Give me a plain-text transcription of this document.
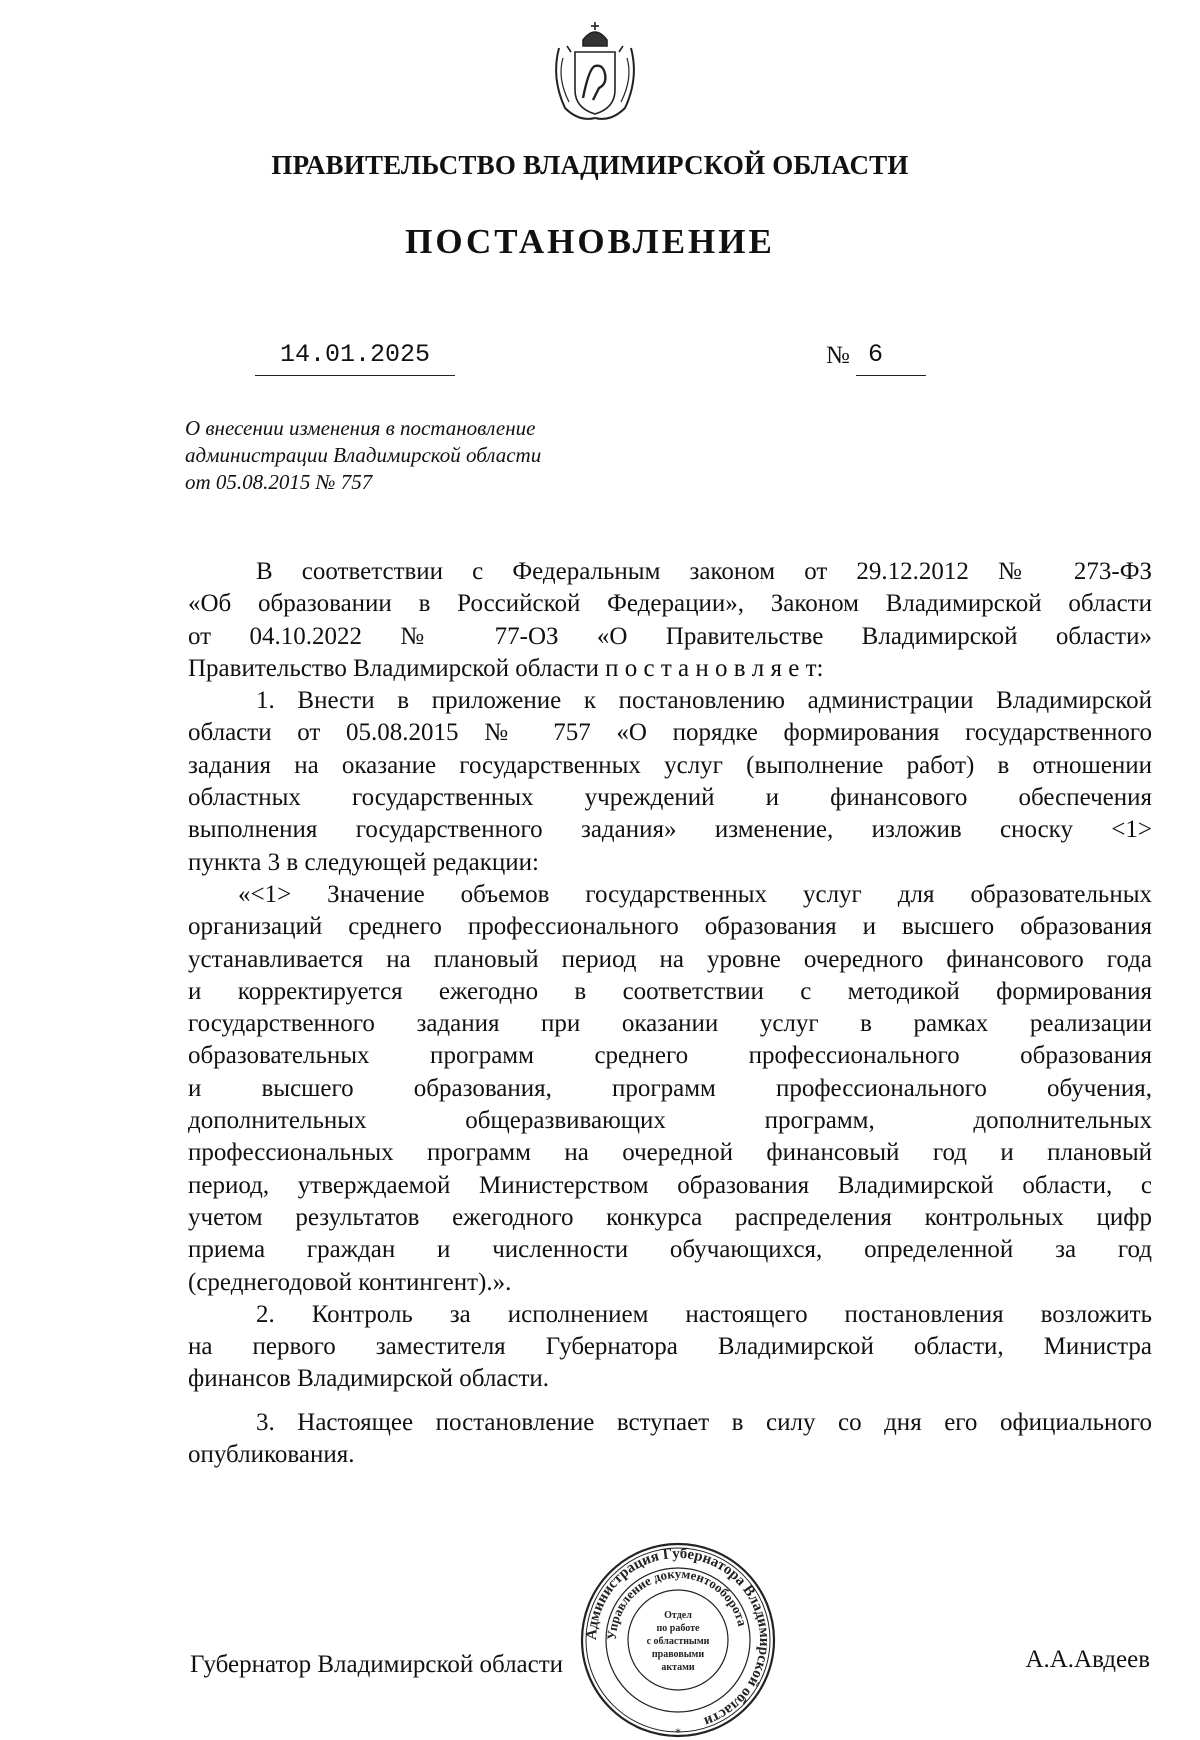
ПРАВИТЕЛЬСТВО ВЛАДИМИРСКОЙ ОБЛАСТИ
ПОСТАНОВЛЕНИЕ
14.01.2025	№ 6
О внесении изменения в постановление
администрации Владимирской области
от 05.08.2015 № 757
В соответствии с Федеральным законом от 29.12.2012 № 273-ФЗ
«Об образовании в Российской Федерации», Законом Владимирской области
от 04.10.2022 № 77-ОЗ «О Правительстве Владимирской области»
Правительство Владимирской области п о с т а н о в л я е т:
1. Внести в приложение к постановлению администрации Владимирской
области от 05.08.2015 № 757 «О порядке формирования государственного
задания на оказание государственных услуг (выполнение работ) в отношении
областных государственных учреждений и финансового обеспечения
выполнения государственного задания» изменение, изложив сноску <1>
пункта 3 в следующей редакции:
«<1> Значение объемов государственных услуг для образовательных
организаций среднего профессионального образования и высшего образования
устанавливается на плановый период на уровне очередного финансового года
и корректируется ежегодно в соответствии с методикой формирования
государственного задания при оказании услуг в рамках реализации
образовательных программ среднего профессионального образования
и высшего образования, программ профессионального обучения,
дополнительных общеразвивающих программ, дополнительных
профессиональных программ на очередной финансовый год и плановый
период, утверждаемой Министерством образования Владимирской области, с
учетом результатов ежегодного конкурса распределения контрольных цифр
приема граждан и численности обучающихся, определенной за год
(среднегодовой контингент).».
2. Контроль за исполнением настоящего постановления возложить
на первого заместителя Губернатора Владимирской области, Министра
финансов Владимирской области.
3. Настоящее постановление вступает в силу со дня его официального
опубликования.
Губернатор Владимирской области	А.А.Авдеев
Администрация Губернатора Владимирской области
Управление документооборота
Отдел
по работе
с областными
правовыми
актами
*
